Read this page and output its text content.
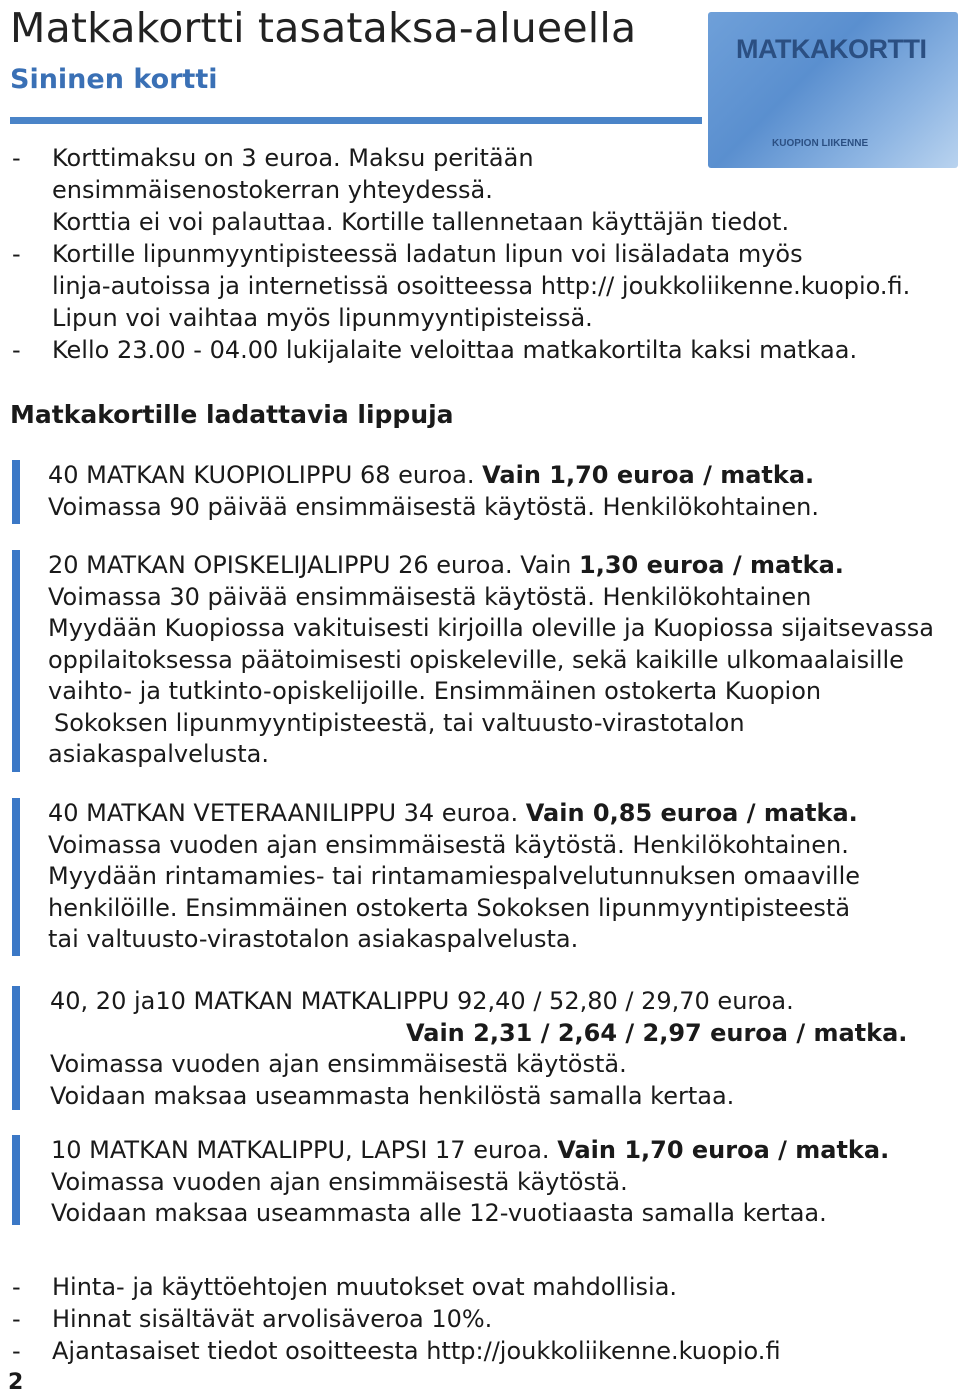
Matkakortti tasataksa-alueella
Sininen kortti
MATKAKORTTI
KUOPION LIIKENNE
- Korttimaksu on 3 euroa. Maksu peritään
ensimmäisenostokerran yhteydessä.
Korttia ei voi palauttaa. Kortille tallennetaan käyttäjän tiedot.
- Kortille lipunmyyntipisteessä ladatun lipun voi lisäladata myös
linja-autoissa ja internetissä osoitteessa http:// joukkoliikenne.kuopio.fi.
Lipun voi vaihtaa myös lipunmyyntipisteissä.
- Kello 23.00 - 04.00 lukijalaite veloittaa matkakortilta kaksi matkaa.
Matkakortille ladattavia lippuja
40 MATKAN KUOPIOLIPPU 68 euroa. Vain 1,70 euroa / matka.
Voimassa 90 päivää ensimmäisestä käytöstä. Henkilökohtainen.
20 MATKAN OPISKELIJALIPPU 26 euroa. Vain 1,30 euroa / matka.
Voimassa 30 päivää ensimmäisestä käytöstä. Henkilökohtainen
Myydään Kuopiossa vakituisesti kirjoilla oleville ja Kuopiossa sijaitsevassa
oppilaitoksessa päätoimisesti opiskeleville, sekä kaikille ulkomaalaisille
vaihto- ja tutkinto-opiskelijoille. Ensimmäinen ostokerta Kuopion
Sokoksen lipunmyyntipisteestä, tai valtuusto-virastotalon
asiakaspalvelusta.
40 MATKAN VETERAANILIPPU 34 euroa. Vain 0,85 euroa / matka.
Voimassa vuoden ajan ensimmäisestä käytöstä. Henkilökohtainen.
Myydään rintamamies- tai rintamamiespalvelutunnuksen omaaville
henkilöille. Ensimmäinen ostokerta Sokoksen lipunmyyntipisteestä
tai valtuusto-virastotalon asiakaspalvelusta.
40, 20 ja10 MATKAN MATKALIPPU 92,40 / 52,80 / 29,70 euroa.
Vain 2,31 / 2,64 / 2,97 euroa / matka.
Voimassa vuoden ajan ensimmäisestä käytöstä.
Voidaan maksaa useammasta henkilöstä samalla kertaa.
10 MATKAN MATKALIPPU, LAPSI 17 euroa. Vain 1,70 euroa / matka.
Voimassa vuoden ajan ensimmäisestä käytöstä.
Voidaan maksaa useammasta alle 12-vuotiaasta samalla kertaa.
- Hinta- ja käyttöehtojen muutokset ovat mahdollisia.
- Hinnat sisältävät arvolisäveroa 10%.
- Ajantasaiset tiedot osoitteesta http://joukkoliikenne.kuopio.fi
2
